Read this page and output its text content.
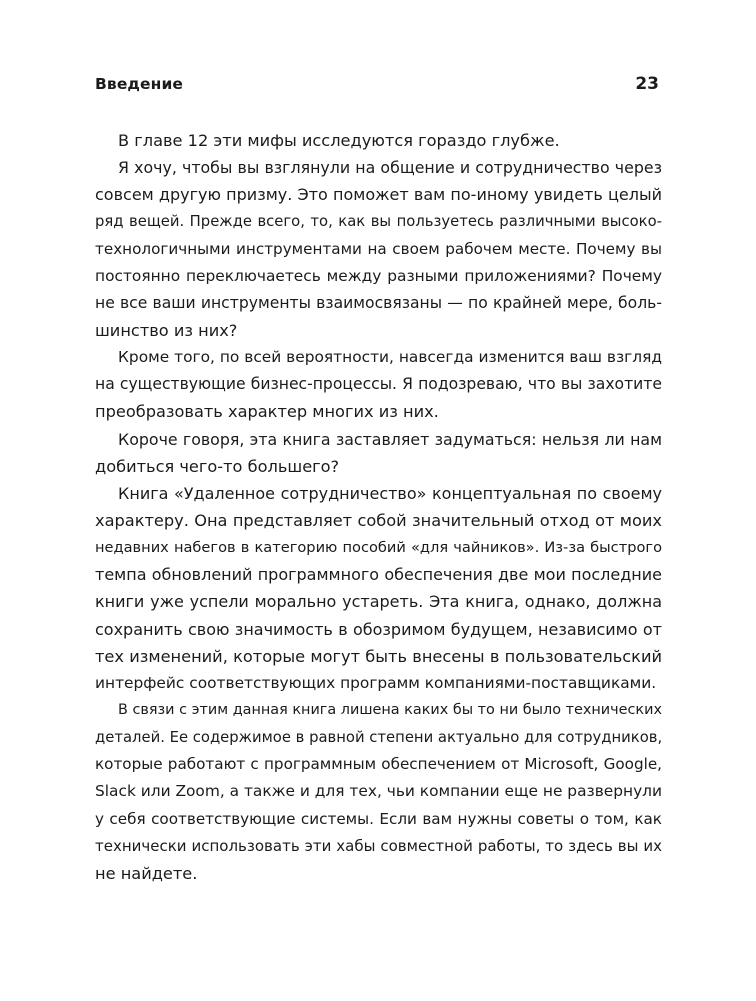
Введение	23
В главе 12 эти мифы исследуются гораздо глубже.
Я хочу, чтобы вы взглянули на общение и сотрудничество через
совсем другую призму. Это поможет вам по-иному увидеть целый
ряд вещей. Прежде всего, то, как вы пользуетесь различными высоко-
технологичными инструментами на своем рабочем месте. Почему вы
постоянно переключаетесь между разными приложениями? Почему
не все ваши инструменты взаимосвязаны — по крайней мере, боль-
шинство из них?
Кроме того, по всей вероятности, навсегда изменится ваш взгляд
на существующие бизнес-процессы. Я подозреваю, что вы захотите
преобразовать характер многих из них.
Короче говоря, эта книга заставляет задуматься: нельзя ли нам
добиться чего-то большего?
Книга «Удаленное сотрудничество» концептуальная по своему
характеру. Она представляет собой значительный отход от моих
недавних набегов в категорию пособий «для чайников». Из-за быстрого
темпа обновлений программного обеспечения две мои последние
книги уже успели морально устареть. Эта книга, однако, должна
сохранить свою значимость в обозримом будущем, независимо от
тех изменений, которые могут быть внесены в пользовательский
интерфейс соответствующих программ компаниями-поставщиками.
В связи с этим данная книга лишена каких бы то ни было технических
деталей. Ее содержимое в равной степени актуально для сотрудников,
которые работают с программным обеспечением от Microsoft, Google,
Slack или Zoom, а также и для тех, чьи компании еще не развернули
у себя соответствующие системы. Если вам нужны советы о том, как
технически использовать эти хабы совместной работы, то здесь вы их
не найдете.
